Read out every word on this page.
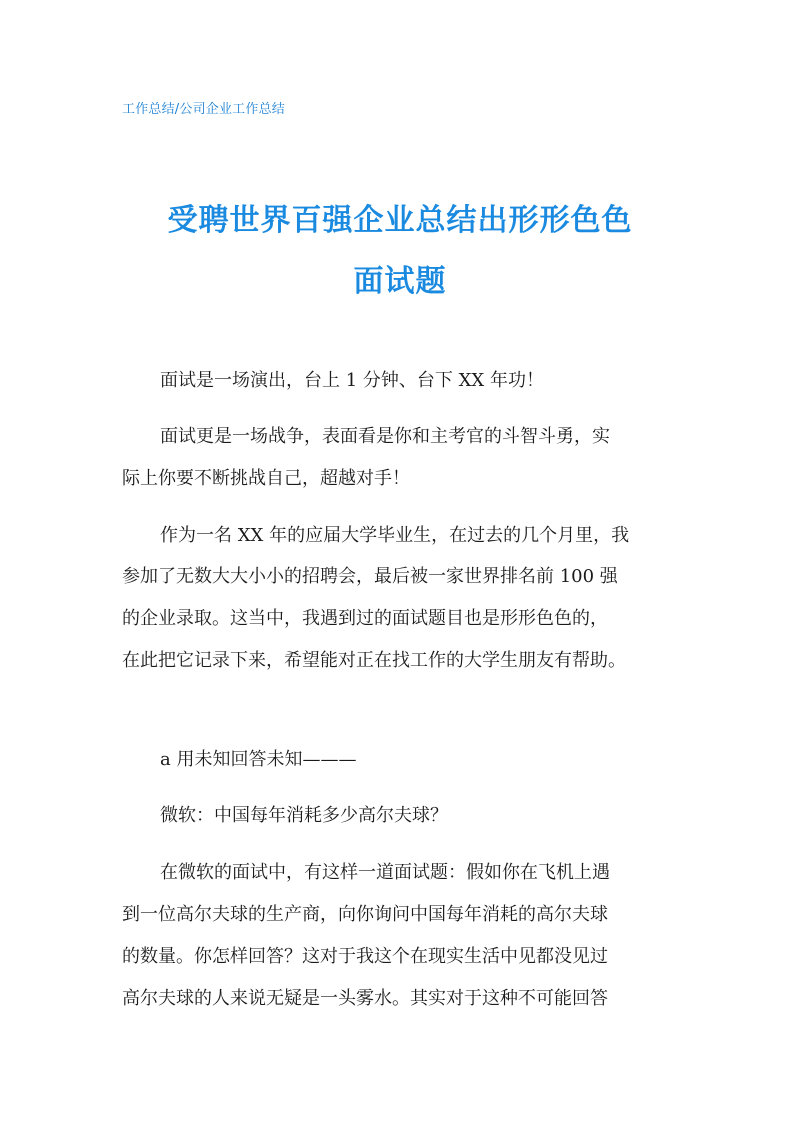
工作总结/公司企业工作总结
受聘世界百强企业总结出形形色色
面试题
面试是一场演出，台上 1 分钟、台下 XX 年功！
面试更是一场战争，表面看是你和主考官的斗智斗勇，实
际上你要不断挑战自己，超越对手！
作为一名 XX 年的应届大学毕业生，在过去的几个月里，我
参加了无数大大小小的招聘会，最后被一家世界排名前 100 强
的企业录取。这当中，我遇到过的面试题目也是形形色色的，
在此把它记录下来，希望能对正在找工作的大学生朋友有帮助。
a 用未知回答未知———
微软：中国每年消耗多少高尔夫球？
在微软的面试中，有这样一道面试题：假如你在飞机上遇
到一位高尔夫球的生产商，向你询问中国每年消耗的高尔夫球
的数量。你怎样回答？这对于我这个在现实生活中见都没见过
高尔夫球的人来说无疑是一头雾水。其实对于这种不可能回答
